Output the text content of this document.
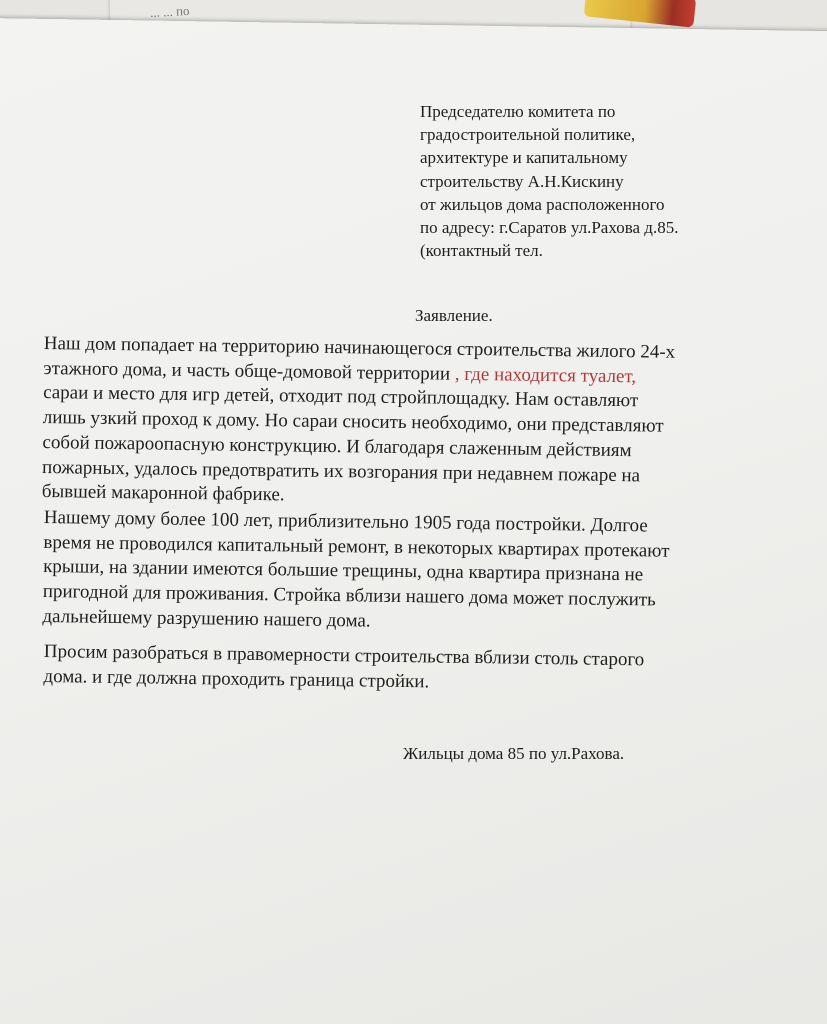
... ... по
Председателю комитета по
градостроительной политике,
архитектуре и капитальному
строительству А.Н.Кискину
от жильцов дома расположенного
по адресу: г.Саратов ул.Рахова д.85.
(контактный тел.
Заявление.
Наш дом попадает на территорию начинающегося строительства жилого 24-х
этажного дома, и часть обще-домовой территории , где находится туалет,
сараи и место для игр детей, отходит под стройплощадку. Нам оставляют
лишь узкий проход к дому. Но сараи сносить необходимо, они представляют
собой пожароопасную конструкцию. И благодаря слаженным действиям
пожарных, удалось предотвратить их возгорания при недавнем пожаре на
бывшей макаронной фабрике.
Нашему дому более 100 лет, приблизительно 1905 года постройки. Долгое
время не проводился капитальный ремонт, в некоторых квартирах протекают
крыши, на здании имеются большие трещины, одна квартира признана не
пригодной для проживания. Стройка вблизи нашего дома может послужить
дальнейшему разрушению нашего дома.
Просим разобраться в правомерности строительства вблизи столь старого
дома. и где должна проходить граница стройки.
Жильцы дома 85 по ул.Рахова.
